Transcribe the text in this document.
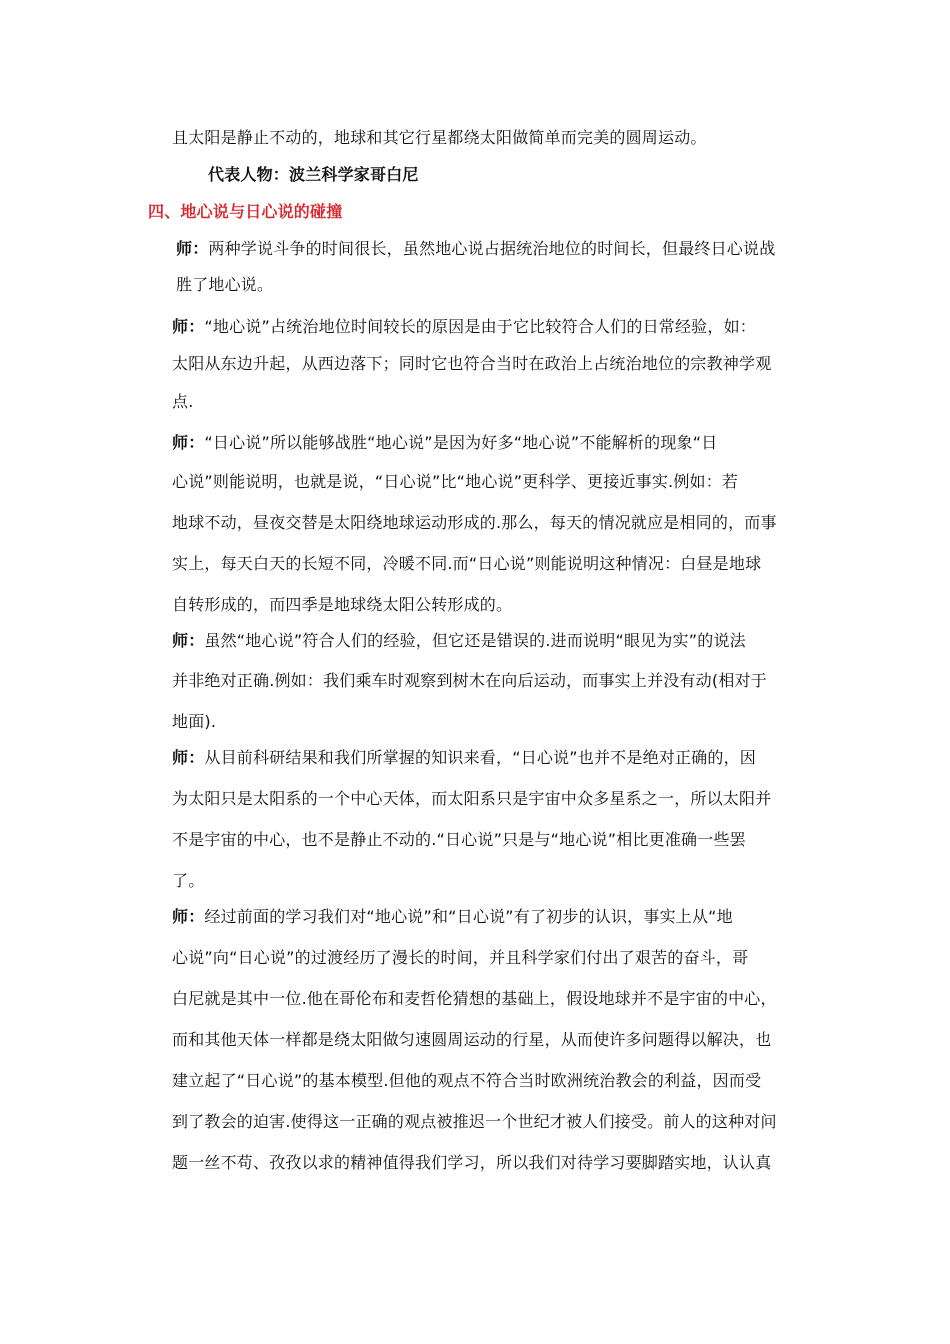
且太阳是静止不动的，地球和其它行星都绕太阳做简单而完美的圆周运动。
代表人物：波兰科学家哥白尼
四、地心说与日心说的碰撞
师：两种学说斗争的时间很长，虽然地心说占据统治地位的时间长，但最终日心说战
胜了地心说。
师：“地心说”占统治地位时间较长的原因是由于它比较符合人们的日常经验，如：
太阳从东边升起，从西边落下；同时它也符合当时在政治上占统治地位的宗教神学观
点.
师：“日心说”所以能够战胜“地心说”是因为好多“地心说”不能解析的现象“日
心说”则能说明，也就是说，“日心说”比“地心说”更科学、更接近事实.例如：若
地球不动，昼夜交替是太阳绕地球运动形成的.那么，每天的情况就应是相同的，而事
实上，每天白天的长短不同，冷暖不同.而“日心说”则能说明这种情况：白昼是地球
自转形成的，而四季是地球绕太阳公转形成的。
师：虽然“地心说”符合人们的经验，但它还是错误的.进而说明“眼见为实”的说法
并非绝对正确.例如：我们乘车时观察到树木在向后运动，而事实上并没有动(相对于
地面).
师：从目前科研结果和我们所掌握的知识来看，“日心说”也并不是绝对正确的，因
为太阳只是太阳系的一个中心天体，而太阳系只是宇宙中众多星系之一，所以太阳并
不是宇宙的中心，也不是静止不动的.“日心说”只是与“地心说”相比更准确一些罢
了。
师：经过前面的学习我们对“地心说”和“日心说”有了初步的认识，事实上从“地
心说”向“日心说”的过渡经历了漫长的时间，并且科学家们付出了艰苦的奋斗，哥
白尼就是其中一位.他在哥伦布和麦哲伦猜想的基础上，假设地球并不是宇宙的中心，
而和其他天体一样都是绕太阳做匀速圆周运动的行星，从而使许多问题得以解决，也
建立起了“日心说”的基本模型.但他的观点不符合当时欧洲统治教会的利益，因而受
到了教会的迫害.使得这一正确的观点被推迟一个世纪才被人们接受。前人的这种对问
题一丝不苟、孜孜以求的精神值得我们学习，所以我们对待学习要脚踏实地，认认真
